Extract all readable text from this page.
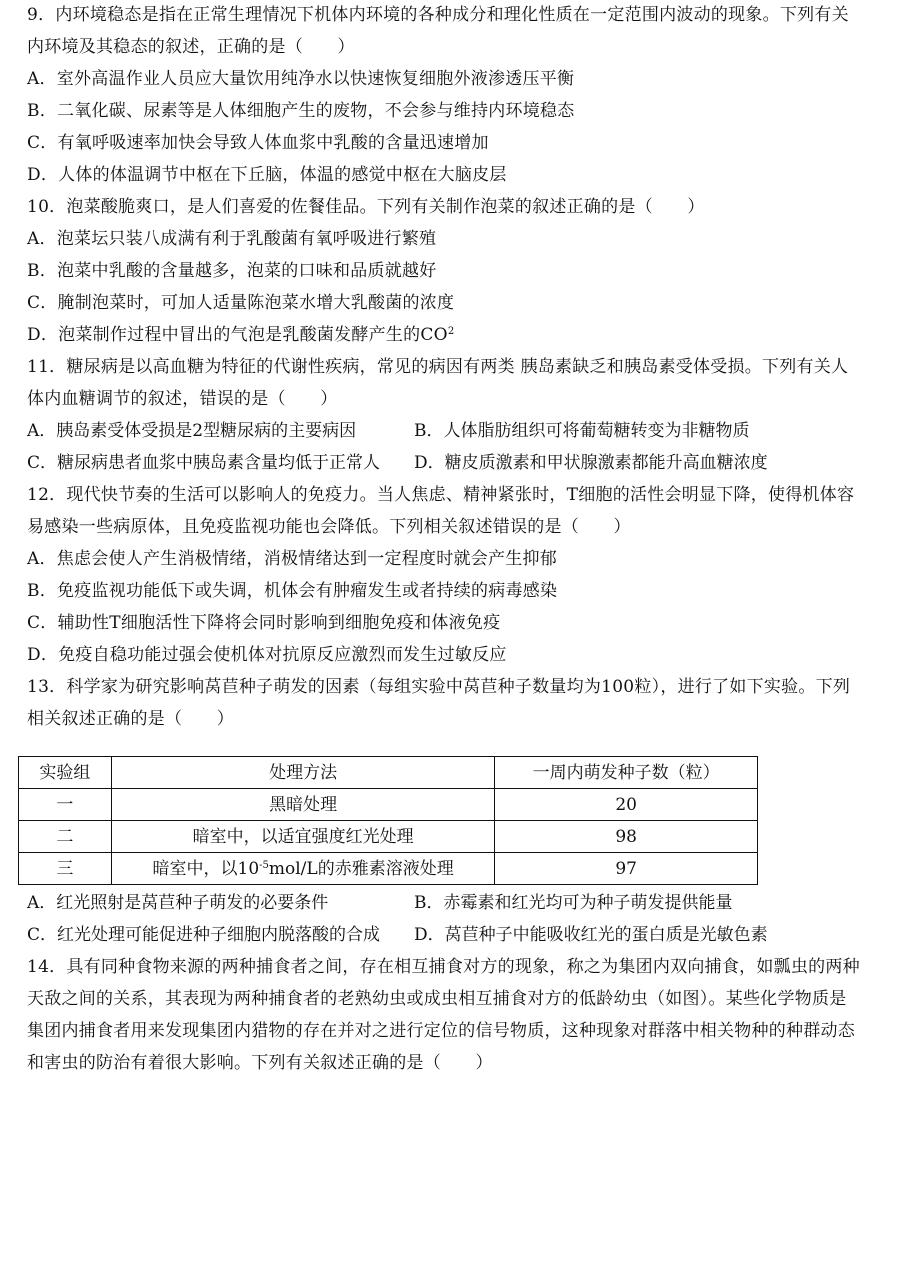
9．内环境稳态是指在正常生理情况下机体内环境的各种成分和理化性质在一定范围内波动的现象。下列有关
内环境及其稳态的叙述，正确的是（　　）
A．室外高温作业人员应大量饮用纯净水以快速恢复细胞外液渗透压平衡
B．二氧化碳、尿素等是人体细胞产生的废物，不会参与维持内环境稳态
C．有氧呼吸速率加快会导致人体血浆中乳酸的含量迅速增加
D．人体的体温调节中枢在下丘脑，体温的感觉中枢在大脑皮层
10．泡菜酸脆爽口，是人们喜爱的佐餐佳品。下列有关制作泡菜的叙述正确的是（　　）
A．泡菜坛只装八成满有利于乳酸菌有氧呼吸进行繁殖
B．泡菜中乳酸的含量越多，泡菜的口味和品质就越好
C．腌制泡菜时，可加人适量陈泡菜水增大乳酸菌的浓度
D．泡菜制作过程中冒出的气泡是乳酸菌发酵产生的$CO^2$
11．糖尿病是以高血糖为特征的代谢性疾病，常见的病因有两类 胰岛素缺乏和胰岛素受体受损。下列有关人
体内血糖调节的叙述，错误的是（　　）
A．胰岛素受体受损是2型糖尿病的主要病因	B．人体脂肪组织可将葡萄糖转变为非糖物质
C．糖尿病患者血浆中胰岛素含量均低于正常人 D．糖皮质激素和甲状腺激素都能升高血糖浓度
12．现代快节奏的生活可以影响人的免疫力。当人焦虑、精神紧张时，T细胞的活性会明显下降，使得机体容
易感染一些病原体，且免疫监视功能也会降低。下列相关叙述错误的是（　　）
A．焦虑会使人产生消极情绪，消极情绪达到一定程度时就会产生抑郁
B．免疫监视功能低下或失调，机体会有肿瘤发生或者持续的病毒感染
C．辅助性T细胞活性下降将会同时影响到细胞免疫和体液免疫
D．免疫自稳功能过强会使机体对抗原反应激烈而发生过敏反应
13．科学家为研究影响莴苣种子萌发的因素（每组实验中莴苣种子数量均为100粒），进行了如下实验。下列
相关叙述正确的是（　　）
实验组	处理方法	一周内萌发种子数（粒）
一	黑暗处理	20
二	暗室中，以适宜强度红光处理	98
三	暗室中，以$10^{-5}mol/L$的赤雅素溶液处理	97
A．红光照射是莴苣种子萌发的必要条件	B．赤霉素和红光均可为种子萌发提供能量
C．红光处理可能促进种子细胞内脱落酸的合成 D．莴苣种子中能吸收红光的蛋白质是光敏色素
14．具有同种食物来源的两种捕食者之间，存在相互捕食对方的现象，称之为集团内双向捕食，如瓢虫的两种
天敌之间的关系，其表现为两种捕食者的老熟幼虫或成虫相互捕食对方的低龄幼虫（如图）。某些化学物质是
集团内捕食者用来发现集团内猎物的存在并对之进行定位的信号物质，这种现象对群落中相关物种的种群动态
和害虫的防治有着很大影响。下列有关叙述正确的是（　　）
